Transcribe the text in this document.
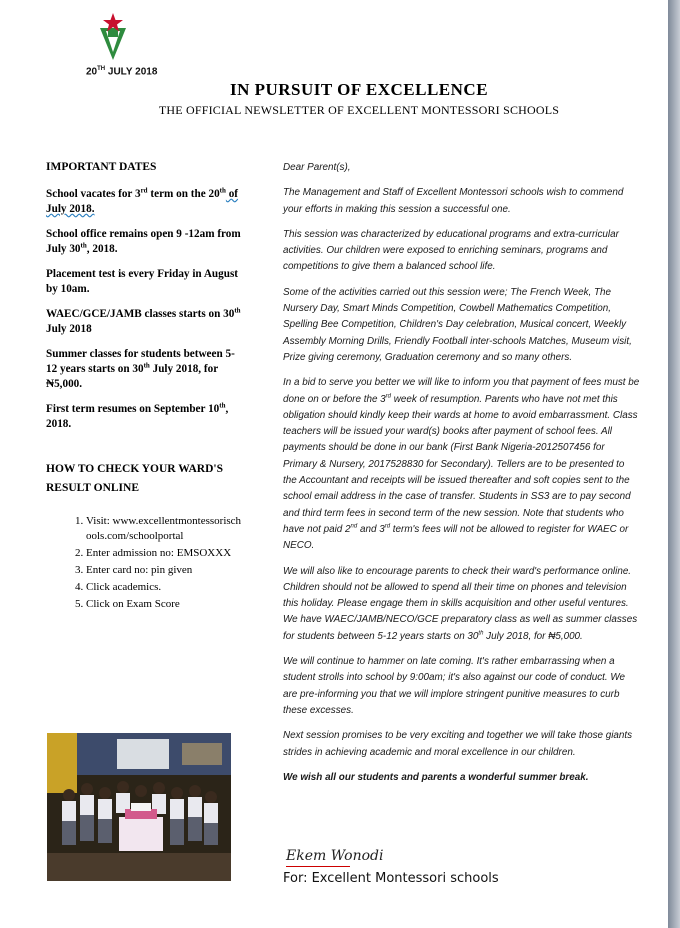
20TH JULY 2018
IN PURSUIT OF EXCELLENCE
THE OFFICIAL NEWSLETTER OF EXCELLENT MONTESSORI SCHOOLS
IMPORTANT DATES
School vacates for 3rd term on the 20th of July 2018.
School office remains open 9 -12am from July 30th, 2018.
Placement test is every Friday in August by 10am.
WAEC/GCE/JAMB classes starts on 30th July 2018
Summer classes for students between 5-12 years starts on 30th July 2018, for ₦5,000.
First term resumes on September 10th, 2018.
HOW TO CHECK YOUR WARD'S RESULT ONLINE
1. Visit: www.excellentmontessorischools.com/schoolportal
2. Enter admission no: EMSOXXX
3. Enter card no: pin given
4. Click academics.
5. Click on Exam Score

Dear Parent(s),

The Management and Staff of Excellent Montessori schools wish to commend your efforts in making this session a successful one.

This session was characterized by educational programs and extra-curricular activities. Our children were exposed to enriching seminars, programs and competitions to give them a balanced school life.

Some of the activities carried out this session were; The French Week, The Nursery Day, Smart Minds Competition, Cowbell Mathematics Competition, Spelling Bee Competition, Children's Day celebration, Musical concert, Weekly Assembly Morning Drills, Friendly Football inter-schools Matches, Museum visit, Prize giving ceremony, Graduation ceremony and so many others.

In a bid to serve you better we will like to inform you that payment of fees must be done on or before the 3rd week of resumption. Parents who have not met this obligation should kindly keep their wards at home to avoid embarrassment. Class teachers will be issued your ward(s) books after payment of school fees. All payments should be done in our bank (First Bank Nigeria-2012507456 for Primary & Nursery, 2017528830 for Secondary). Tellers are to be presented to the Accountant and receipts will be issued thereafter and soft copies sent to the school email address in the case of transfer. Students in SS3 are to pay second and third term fees in second term of the new session. Note that students who have not paid 2nd and 3rd term's fees will not be allowed to register for WAEC or NECO.

We will also like to encourage parents to check their ward's performance online. Children should not be allowed to spend all their time on phones and television this holiday. Please engage them in skills acquisition and other useful ventures. We have WAEC/JAMB/NECO/GCE preparatory class as well as summer classes for students between 5-12 years starts on 30th July 2018, for ₦5,000.

We will continue to hammer on late coming. It's rather embarrassing when a student strolls into school by 9:00am; it's also against our code of conduct. We are pre-informing you that we will implore stringent punitive measures to curb these excesses.

Next session promises to be very exciting and together we will take those giants strides in achieving academic and moral excellence in our children.

We wish all our students and parents a wonderful summer break.

Ekem Wonodi
For: Excellent Montessori schools
